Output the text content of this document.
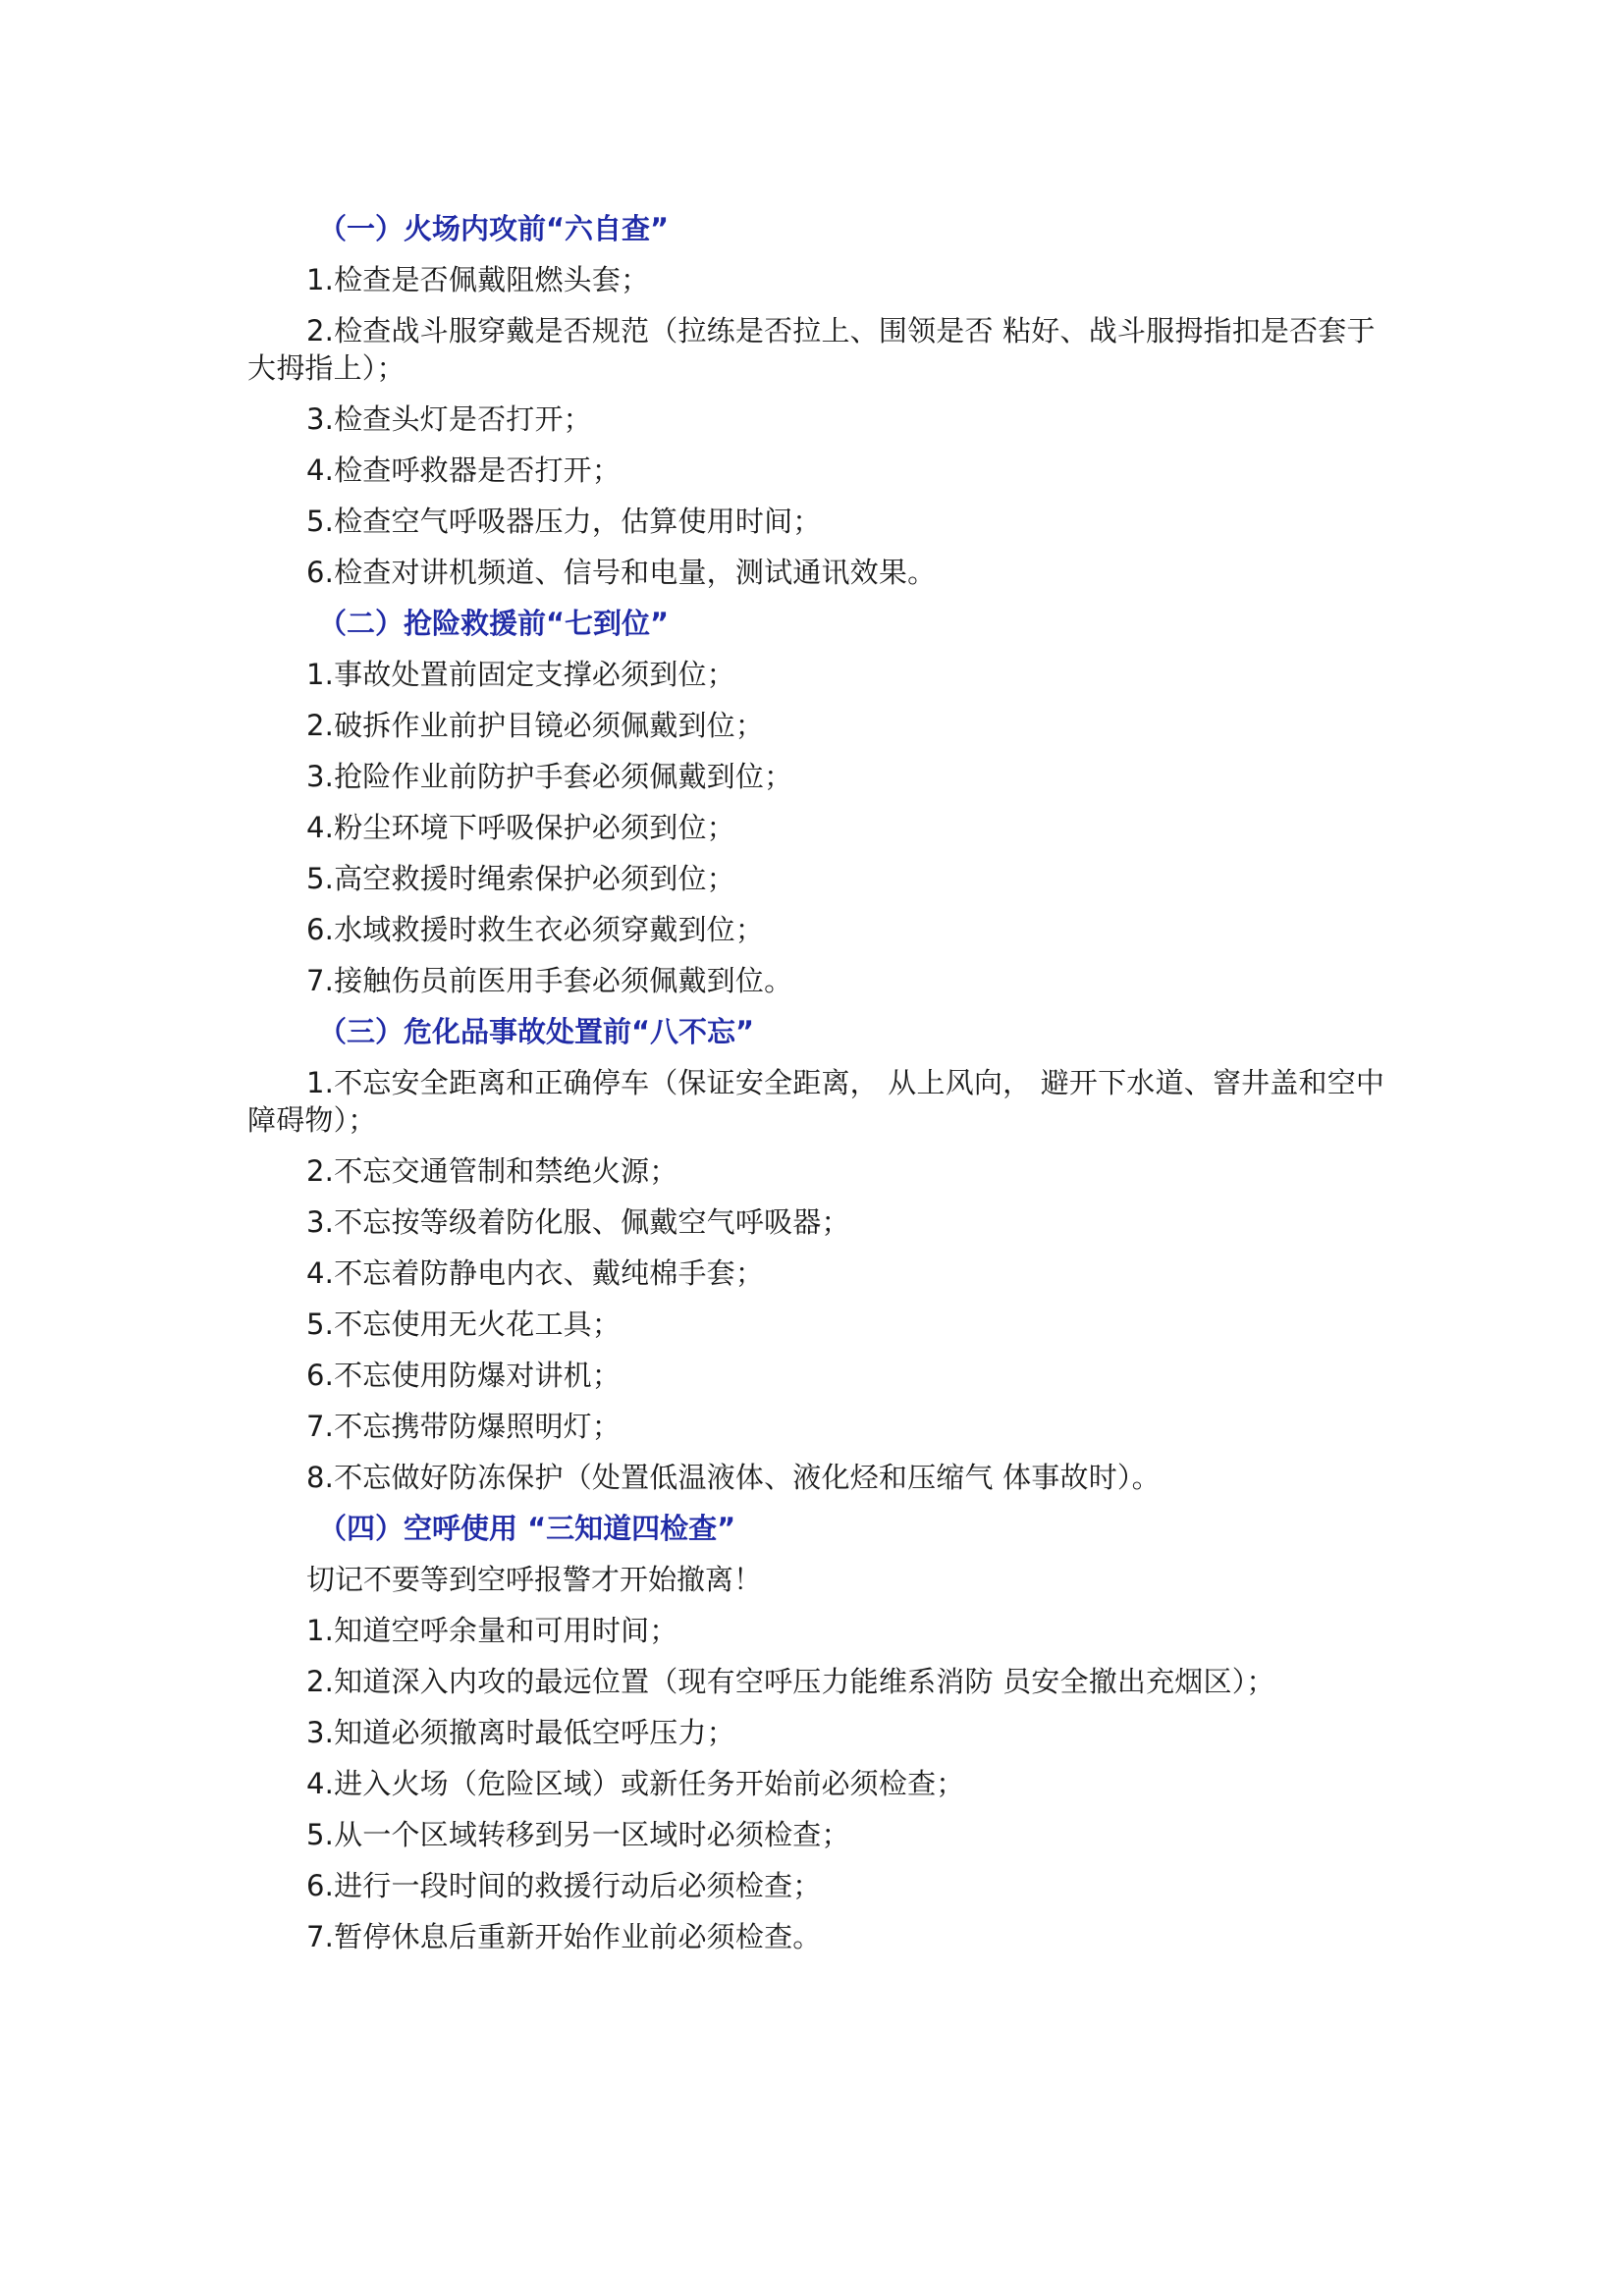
（一）火场内攻前“六自查”
1.检查是否佩戴阻燃头套；
2.检查战斗服穿戴是否规范（拉练是否拉上、围领是否 粘好、战斗服拇指扣是否套于大拇指上）；
3.检查头灯是否打开；
4.检查呼救器是否打开；
5.检查空气呼吸器压力，估算使用时间；
6.检查对讲机频道、信号和电量，测试通讯效果。
（二）抢险救援前“七到位”
1.事故处置前固定支撑必须到位；
2.破拆作业前护目镜必须佩戴到位；
3.抢险作业前防护手套必须佩戴到位；
4.粉尘环境下呼吸保护必须到位；
5.高空救援时绳索保护必须到位；
6.水域救援时救生衣必须穿戴到位；
7.接触伤员前医用手套必须佩戴到位。
（三）危化品事故处置前“八不忘”
1.不忘安全距离和正确停车（保证安全距离， 从上风向， 避开下水道、窨井盖和空中障碍物）；
2.不忘交通管制和禁绝火源；
3.不忘按等级着防化服、佩戴空气呼吸器；
4.不忘着防静电内衣、戴纯棉手套；
5.不忘使用无火花工具；
6.不忘使用防爆对讲机；
7.不忘携带防爆照明灯；
8.不忘做好防冻保护（处置低温液体、液化烃和压缩气 体事故时）。
（四）空呼使用 “三知道四检查”
切记不要等到空呼报警才开始撤离！
1.知道空呼余量和可用时间；
2.知道深入内攻的最远位置（现有空呼压力能维系消防 员安全撤出充烟区）；
3.知道必须撤离时最低空呼压力；
4.进入火场（危险区域）或新任务开始前必须检查；
5.从一个区域转移到另一区域时必须检查；
6.进行一段时间的救援行动后必须检查；
7.暂停休息后重新开始作业前必须检查。
